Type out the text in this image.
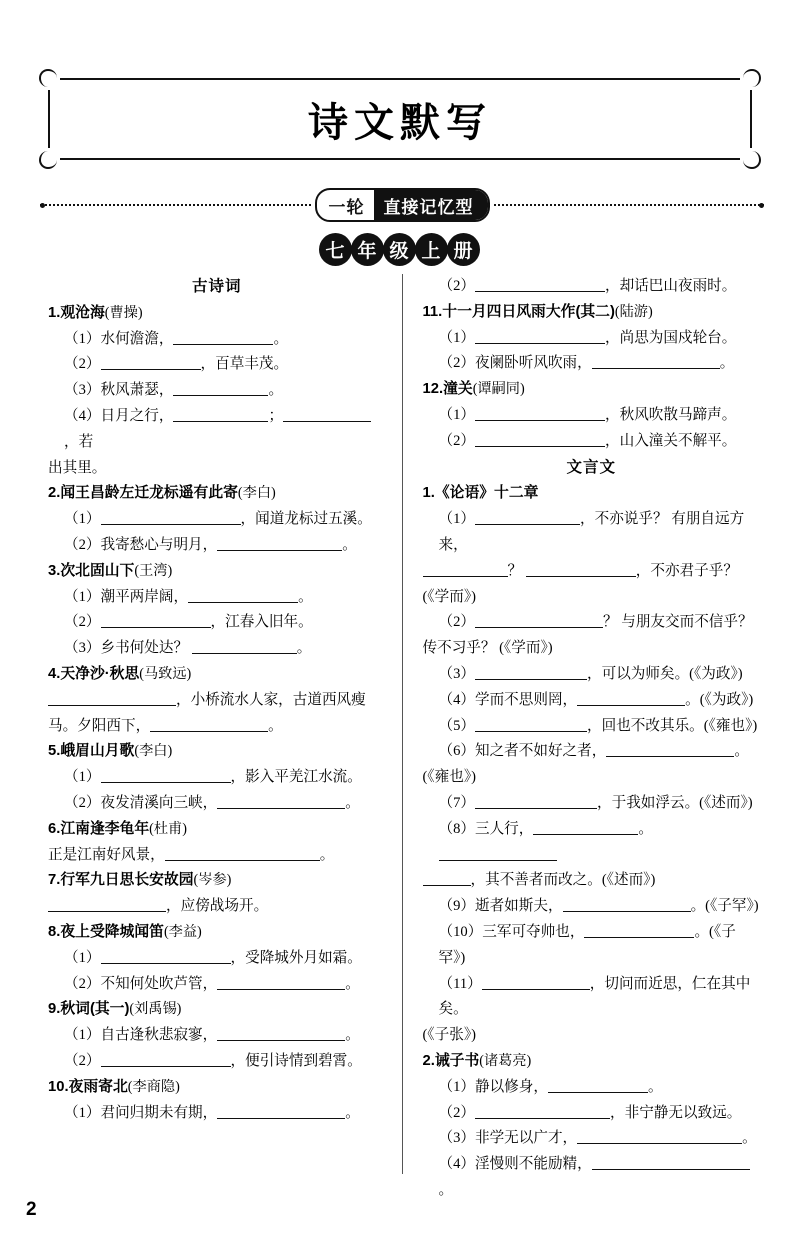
诗文默写
一轮	直接记忆型
七 年 级 上 册
古诗词
1.观沧海(曹操)
（1）水何澹澹，	。
（2）	，百草丰茂。
（3）秋风萧瑟，	。
（4）日月之行，	；，若
出其里。
2.闻王昌龄左迁龙标遥有此寄(李白)
（1）	，闻道龙标过五溪。
（2）我寄愁心与明月，	。
3.次北固山下(王湾)
（1）潮平两岸阔，	。
（2）	，江春入旧年。
（3）乡书何处达？	。
4.天净沙·秋思(马致远)
，小桥流水人家，古道西风瘦
马。夕阳西下，	。
5.峨眉山月歌(李白)
（1）	，影入平羌江水流。
（2）夜发清溪向三峡，	。
6.江南逢李龟年(杜甫)
正是江南好风景，	。
7.行军九日思长安故园(岑参)
，应傍战场开。
8.夜上受降城闻笛(李益)
（1）	，受降城外月如霜。
（2）不知何处吹芦管，	。
9.秋词(其一)(刘禹锡)
（1）自古逢秋悲寂寥，	。
（2）	，便引诗情到碧霄。
10.夜雨寄北(李商隐)
（1）君问归期未有期，	。
（2）	，却话巴山夜雨时。
11.十一月四日风雨大作(其二)(陆游)
（1）	，尚思为国戍轮台。
（2）夜阑卧听风吹雨，	。
12.潼关(谭嗣同)
（1）	，秋风吹散马蹄声。
（2）	，山入潼关不解平。
文言文
1.《论语》十二章
（1）	，不亦说乎？ 有朋自远方来，
？	，不亦君子乎？
(《学而》)
（2）	？ 与朋友交而不信乎？
传不习乎？ (《学而》)
（3）	，可以为师矣。(《为政》)
（4）学而不思则罔，	。(《为政》)
（5）	，回也不改其乐。(《雍也》)
（6）知之者不如好之者，	。
(《雍也》)
（7）	，于我如浮云。(《述而》)
（8）三人行，	。
，其不善者而改之。(《述而》)
（9）逝者如斯夫，	。(《子罕》)
（10）三军可夺帅也，	。(《子罕》)
（11）	，切问而近思，仁在其中矣。
(《子张》)
2.诫子书(诸葛亮)
（1）静以修身，	。
（2）	，非宁静无以致远。
（3）非学无以广才，	。
（4）淫慢则不能励精，。
2
